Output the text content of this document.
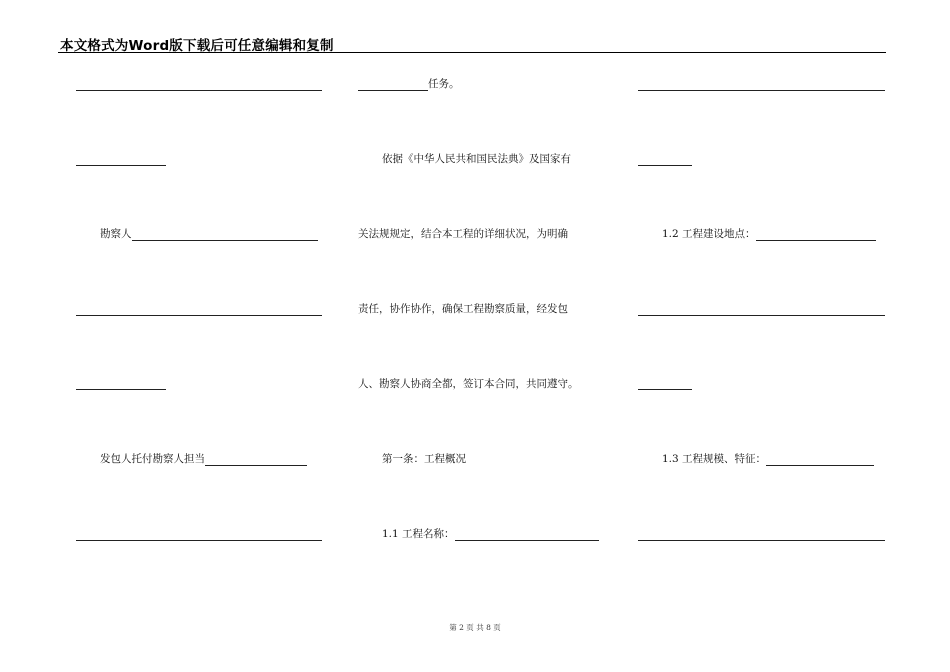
本文格式为Word版下载后可任意编辑和复制
勘察人
发包人托付勘察人担当
任务。
依据《中华人民共和国民法典》及国家有
关法规规定，结合本工程的详细状况，为明确
责任，协作协作，确保工程勘察质量，经发包
人、勘察人协商全都，签订本合同，共同遵守。
第一条：工程概况
1.1 工程名称：
1.2 工程建设地点：
1.3 工程规模、特征：
第 2 页 共 8 页
